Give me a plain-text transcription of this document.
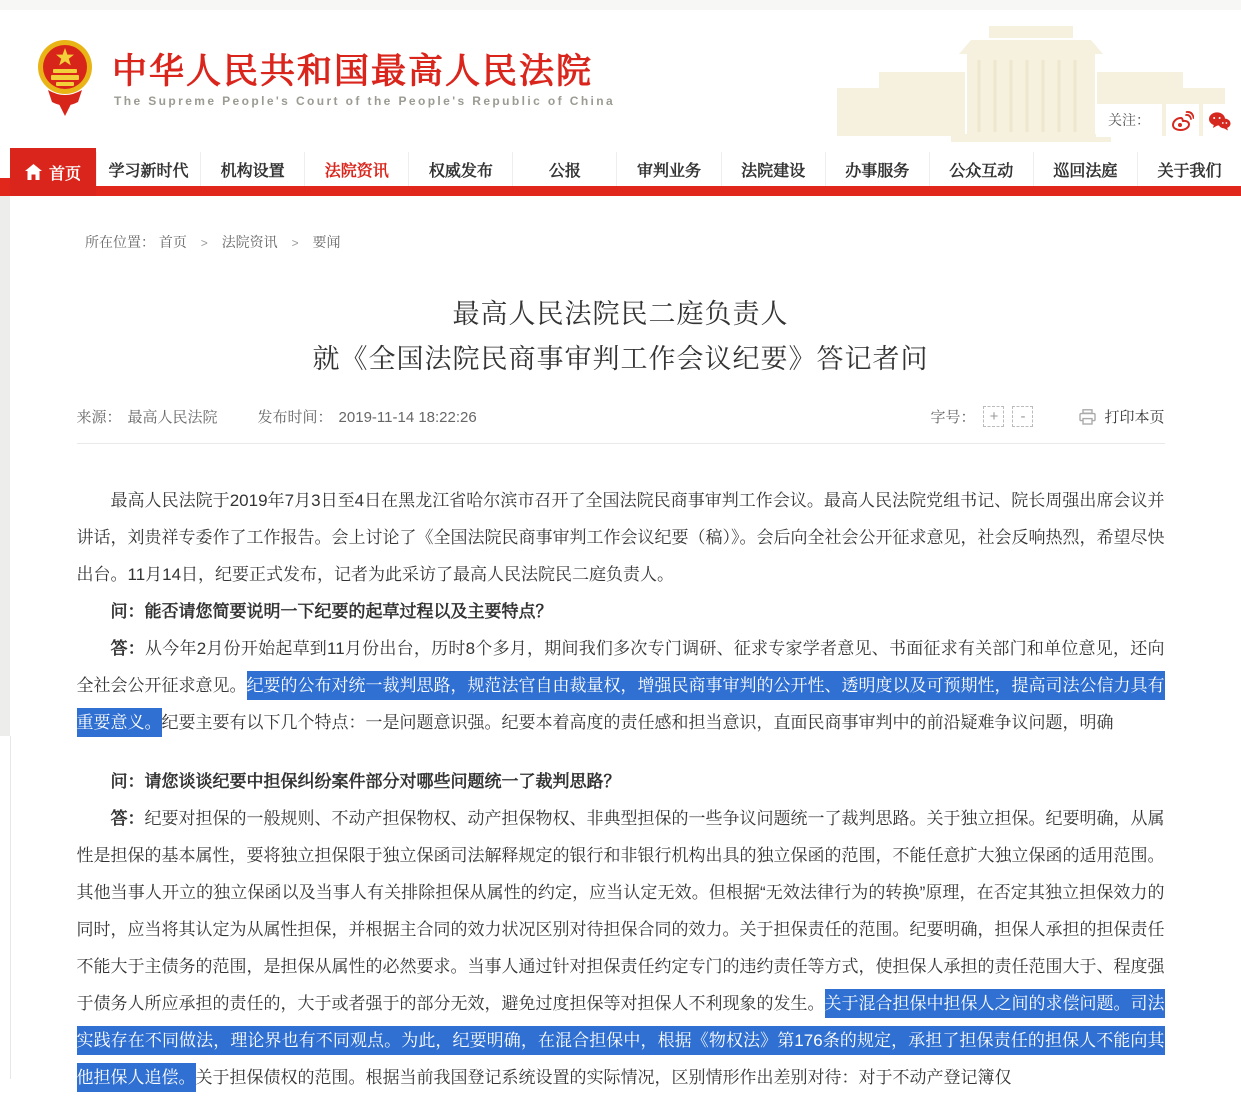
中华人民共和国最高人民法院
The Supreme People's Court of the People's Republic of China
关注：
首页 学习新时代 机构设置	法院资讯	权威发布	公报	审判业务	法院建设	办事服务	公众互动	巡回法庭	关于我们
所在位置： 首页 > 法院资讯 > 要闻
最高人民法院民二庭负责人
就《全国法院民商事审判工作会议纪要》答记者问
来源： 最高人民法院	发布时间： 2019-11-14 18:22:26	字号： +	-	打印本页

最高人民法院于2019年7月3日至4日在黑龙江省哈尔滨市召开了全国法院民商事审判工作会议。最高人民法院党组书记、院长周强出席会议并讲话，刘贵祥专委作了工作报告。会上讨论了《全国法院民商事审判工作会议纪要（稿）》。会后向全社会公开征求意见，社会反响热烈，希望尽快出台。11月14日，纪要正式发布，记者为此采访了最高人民法院民二庭负责人。

问：能否请您简要说明一下纪要的起草过程以及主要特点？

答：从今年2月份开始起草到11月份出台，历时8个多月，期间我们多次专门调研、征求专家学者意见、书面征求有关部门和单位意见，还向全社会公开征求意见。纪要的公布对统一裁判思路，规范法官自由裁量权，增强民商事审判的公开性、透明度以及可预期性，提高司法公信力具有重要意义。纪要主要有以下几个特点：一是问题意识强。纪要本着高度的责任感和担当意识，直面民商事审判中的前沿疑难争议问题，明确

问：请您谈谈纪要中担保纠纷案件部分对哪些问题统一了裁判思路？

答：纪要对担保的一般规则、不动产担保物权、动产担保物权、非典型担保的一些争议问题统一了裁判思路。关于独立担保。纪要明确，从属性是担保的基本属性，要将独立担保限于独立保函司法解释规定的银行和非银行机构出具的独立保函的范围，不能任意扩大独立保函的适用范围。其他当事人开立的独立保函以及当事人有关排除担保从属性的约定，应当认定无效。但根据“无效法律行为的转换”原理，在否定其独立担保效力的同时，应当将其认定为从属性担保，并根据主合同的效力状况区别对待担保合同的效力。关于担保责任的范围。纪要明确，担保人承担的担保责任不能大于主债务的范围，是担保从属性的必然要求。当事人通过针对担保责任约定专门的违约责任等方式，使担保人承担的责任范围大于、程度强于债务人所应承担的责任的，大于或者强于的部分无效，避免过度担保等对担保人不利现象的发生。关于混合担保中担保人之间的求偿问题。司法实践存在不同做法，理论界也有不同观点。为此，纪要明确，在混合担保中，根据《物权法》第176条的规定，承担了担保责任的担保人不能向其他担保人追偿。关于担保债权的范围。根据当前我国登记系统设置的实际情况，区别情形作出差别对待：对于不动产登记簿仅
